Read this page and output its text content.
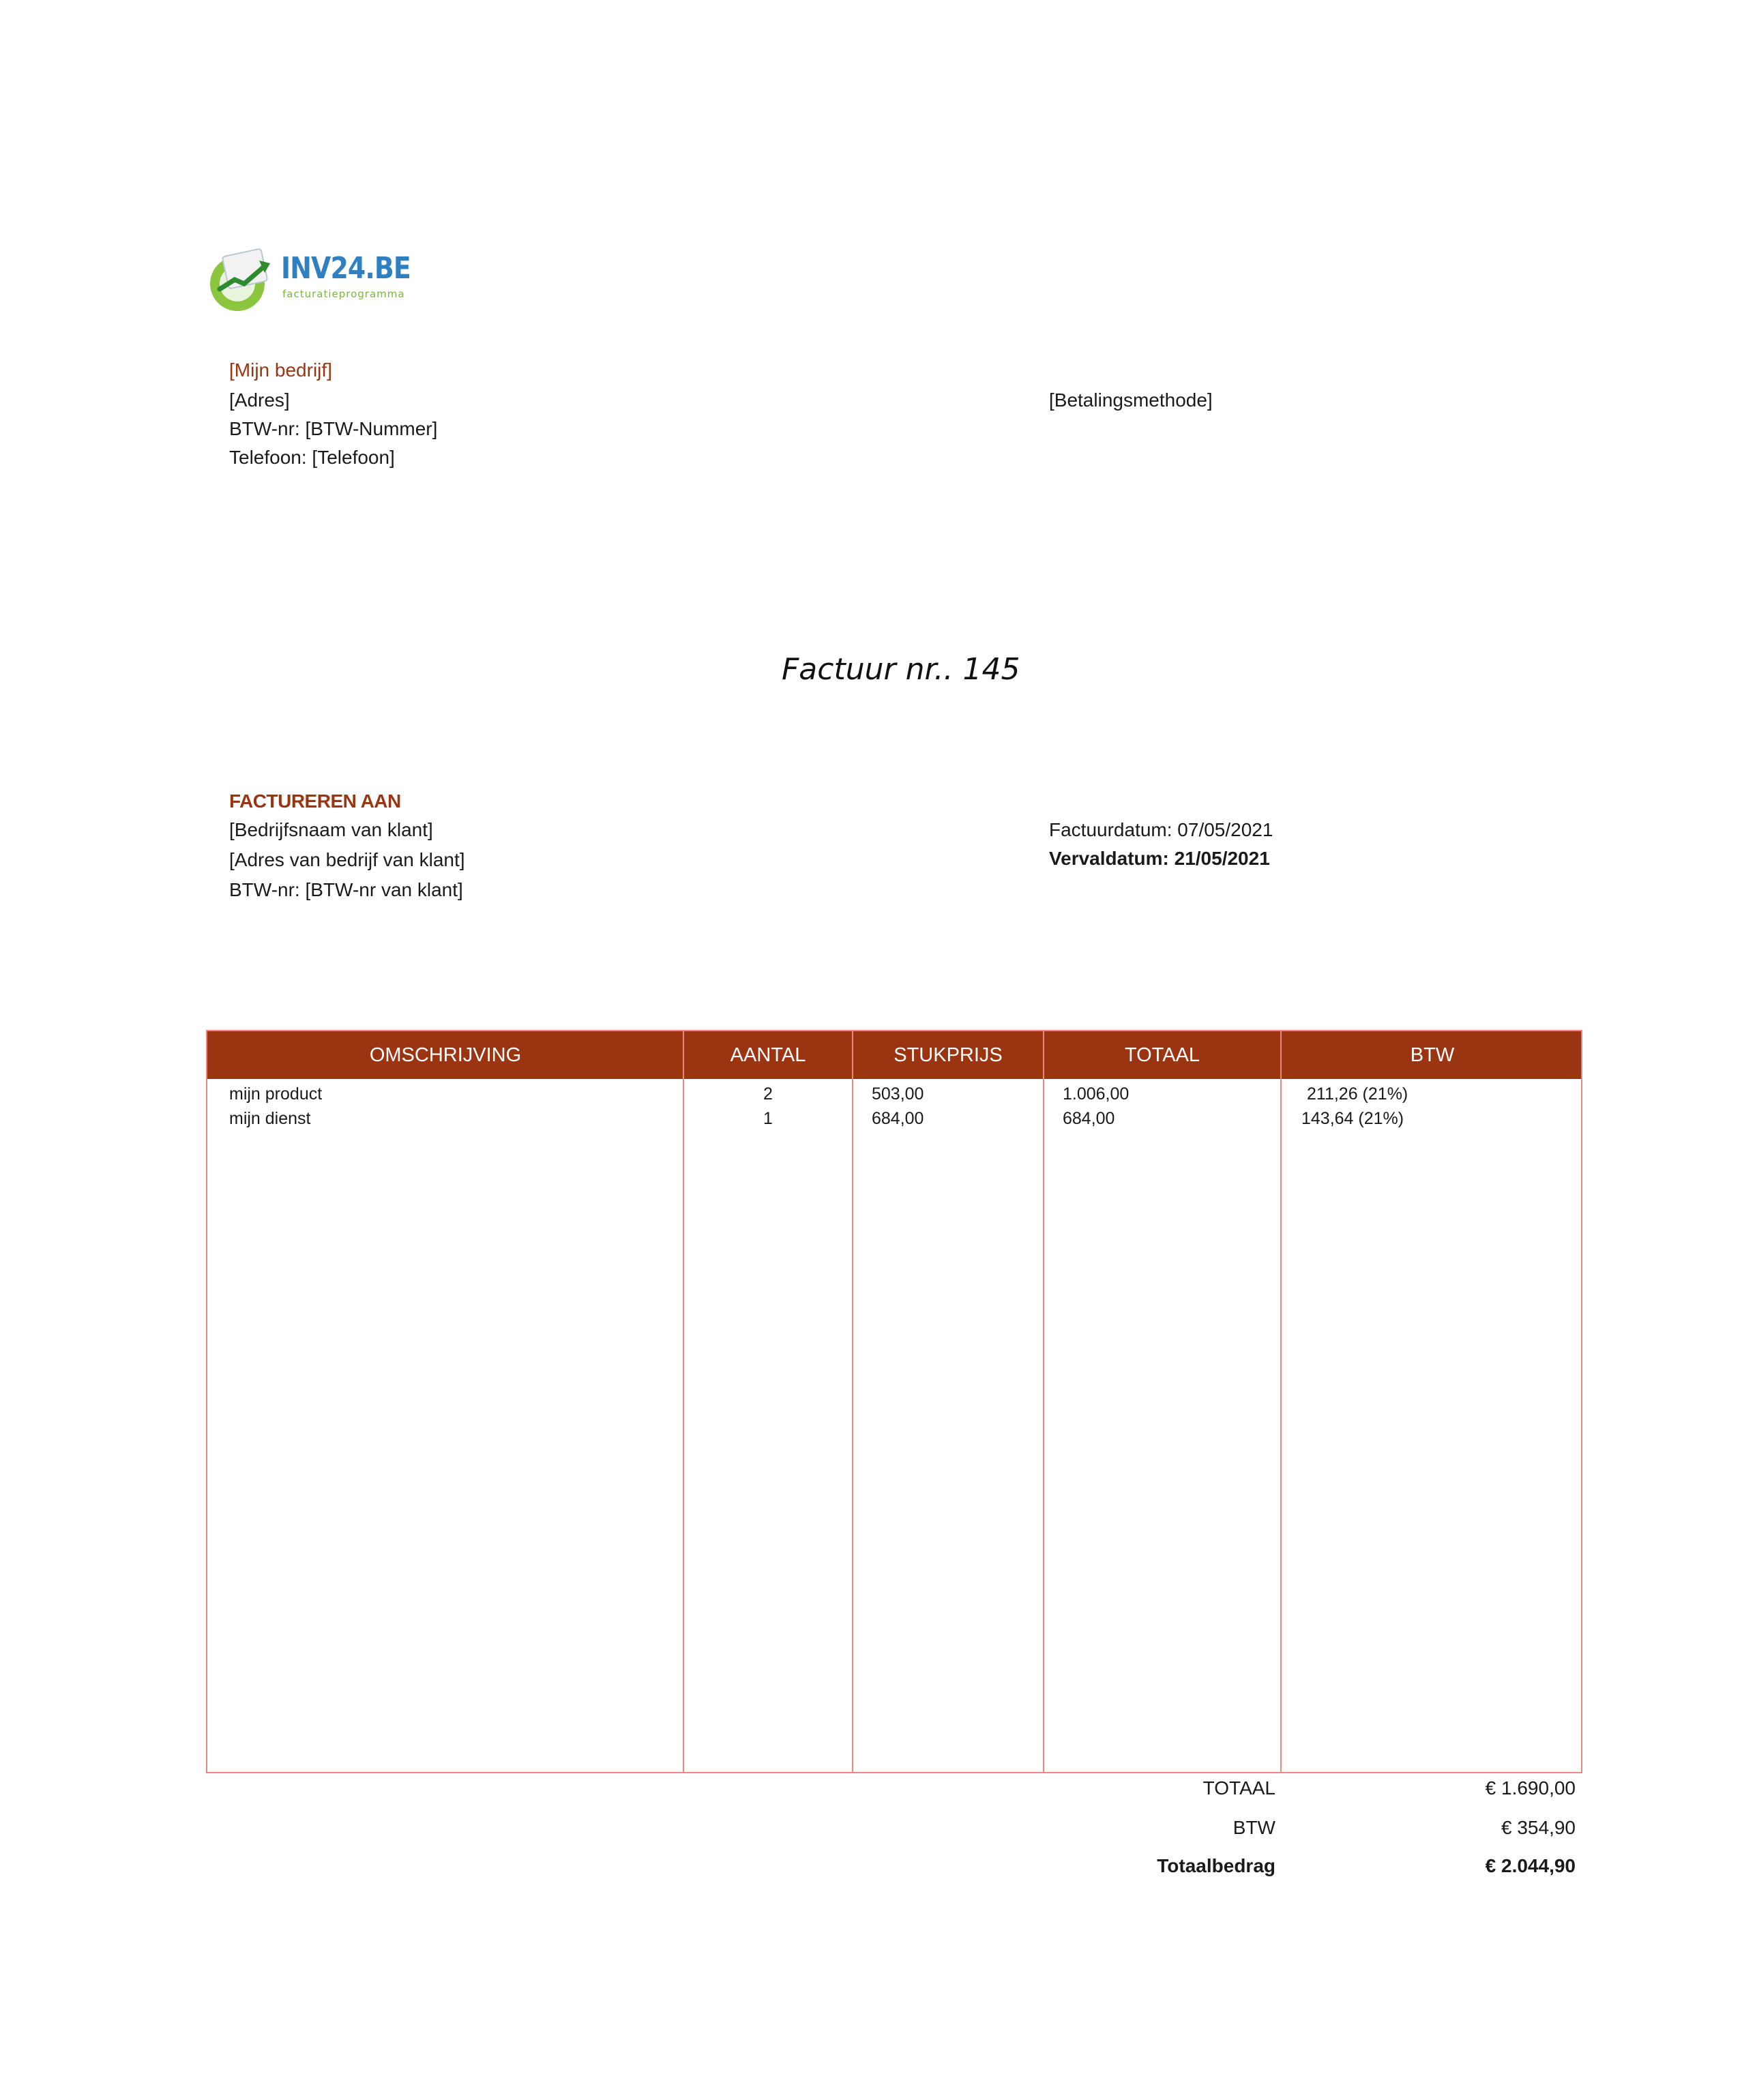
INV24.BE
facturatieprogramma
[Mijn bedrijf]
[Adres]
BTW-nr: [BTW-Nummer]
Telefoon: [Telefoon]
[Betalingsmethode]
Factuur nr.. 145
FACTUREREN AAN
[Bedrijfsnaam van klant]
[Adres van bedrijf van klant]
BTW-nr: [BTW-nr van klant]
Factuurdatum: 07/05/2021
Vervaldatum: 21/05/2021
OMSCHRIJVING	AANTAL	STUKPRIJS	TOTAAL	BTW
mijn product	2	503,00	1.006,00	211,26 (21%)
mijn dienst	1	684,00	684,00	143,64 (21%)
TOTAAL	€ 1.690,00
BTW	€ 354,90
Totaalbedrag	€ 2.044,90
